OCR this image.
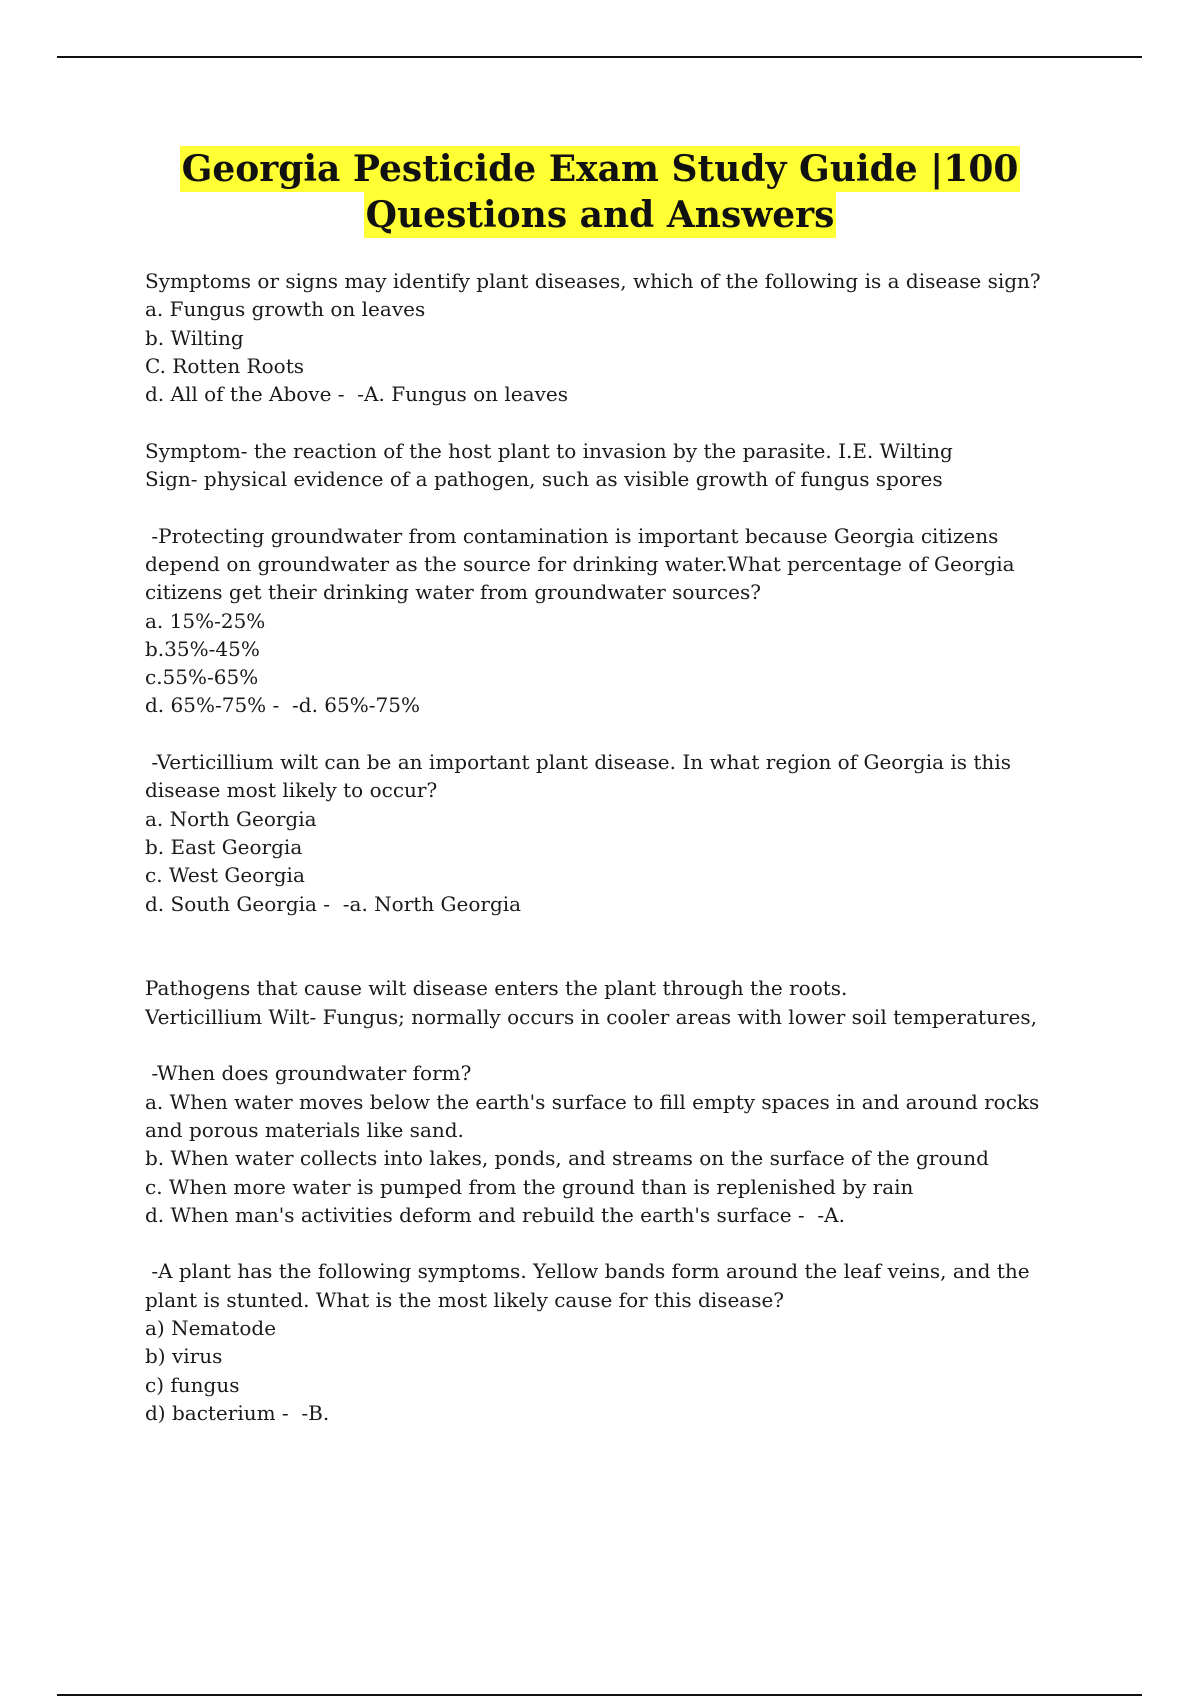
Georgia Pesticide Exam Study Guide |100
Questions and Answers

Symptoms or signs may identify plant diseases, which of the following is a disease sign?

a. Fungus growth on leaves

b. Wilting

C. Rotten Roots

d. All of the Above -  -A. Fungus on leaves

Symptom- the reaction of the host plant to invasion by the parasite. I.E. Wilting

Sign- physical evidence of a pathogen, such as visible growth of fungus spores

-Protecting groundwater from contamination is important because Georgia citizens

depend on groundwater as the source for drinking water.What percentage of Georgia

citizens get their drinking water from groundwater sources?

a. 15%-25%

b.35%-45%

c.55%-65%

d. 65%-75% -  -d. 65%-75%

-Verticillium wilt can be an important plant disease. In what region of Georgia is this

disease most likely to occur?

a. North Georgia

b. East Georgia

c. West Georgia

d. South Georgia -  -a. North Georgia

Pathogens that cause wilt disease enters the plant through the roots.

Verticillium Wilt- Fungus; normally occurs in cooler areas with lower soil temperatures,

-When does groundwater form?

a. When water moves below the earth's surface to fill empty spaces in and around rocks

and porous materials like sand.

b. When water collects into lakes, ponds, and streams on the surface of the ground

c. When more water is pumped from the ground than is replenished by rain

d. When man's activities deform and rebuild the earth's surface -  -A.

-A plant has the following symptoms. Yellow bands form around the leaf veins, and the

plant is stunted. What is the most likely cause for this disease?

a) Nematode

b) virus

c) fungus

d) bacterium -  -B.
